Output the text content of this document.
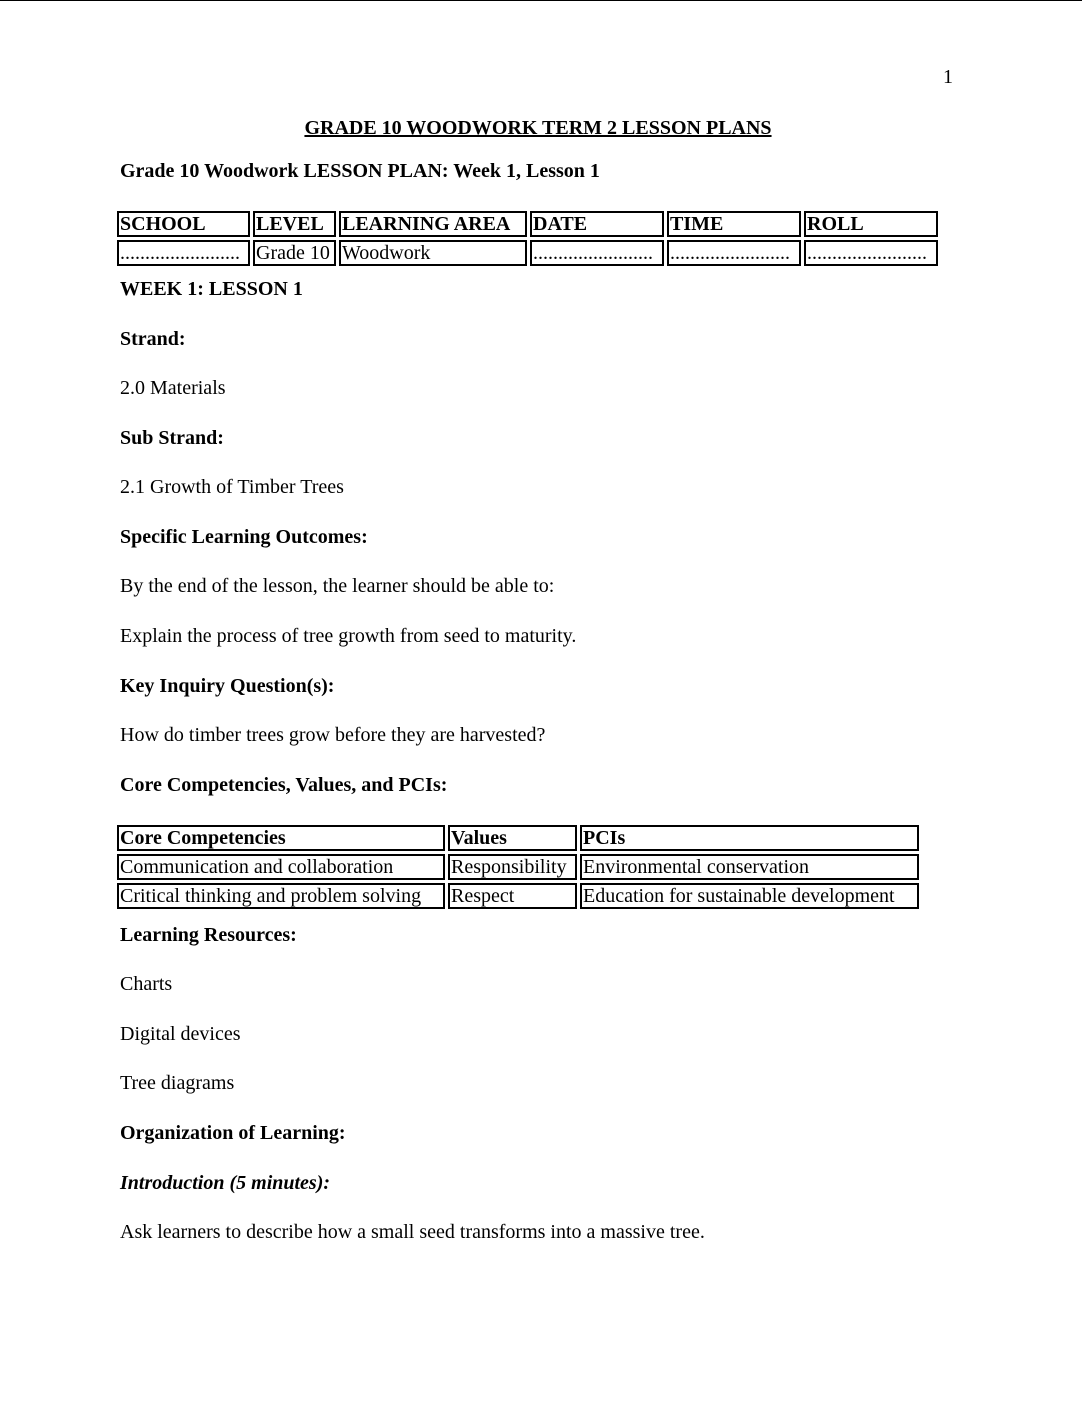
1
GRADE 10 WOODWORK TERM 2 LESSON PLANS
Grade 10 Woodwork LESSON PLAN: Week 1, Lesson 1
SCHOOL	LEVEL	LEARNING AREA	DATE	TIME	ROLL
........................	Grade 10	Woodwork	........................	........................	........................
WEEK 1: LESSON 1
Strand:
2.0 Materials
Sub Strand:
2.1 Growth of Timber Trees
Specific Learning Outcomes:
By the end of the lesson, the learner should be able to:
Explain the process of tree growth from seed to maturity.
Key Inquiry Question(s):
How do timber trees grow before they are harvested?
Core Competencies, Values, and PCIs:
Core Competencies	Values	PCIs
Communication and collaboration	Responsibility	Environmental conservation
Critical thinking and problem solving	Respect	Education for sustainable development
Learning Resources:
Charts
Digital devices
Tree diagrams
Organization of Learning:
Introduction (5 minutes):
Ask learners to describe how a small seed transforms into a massive tree.
